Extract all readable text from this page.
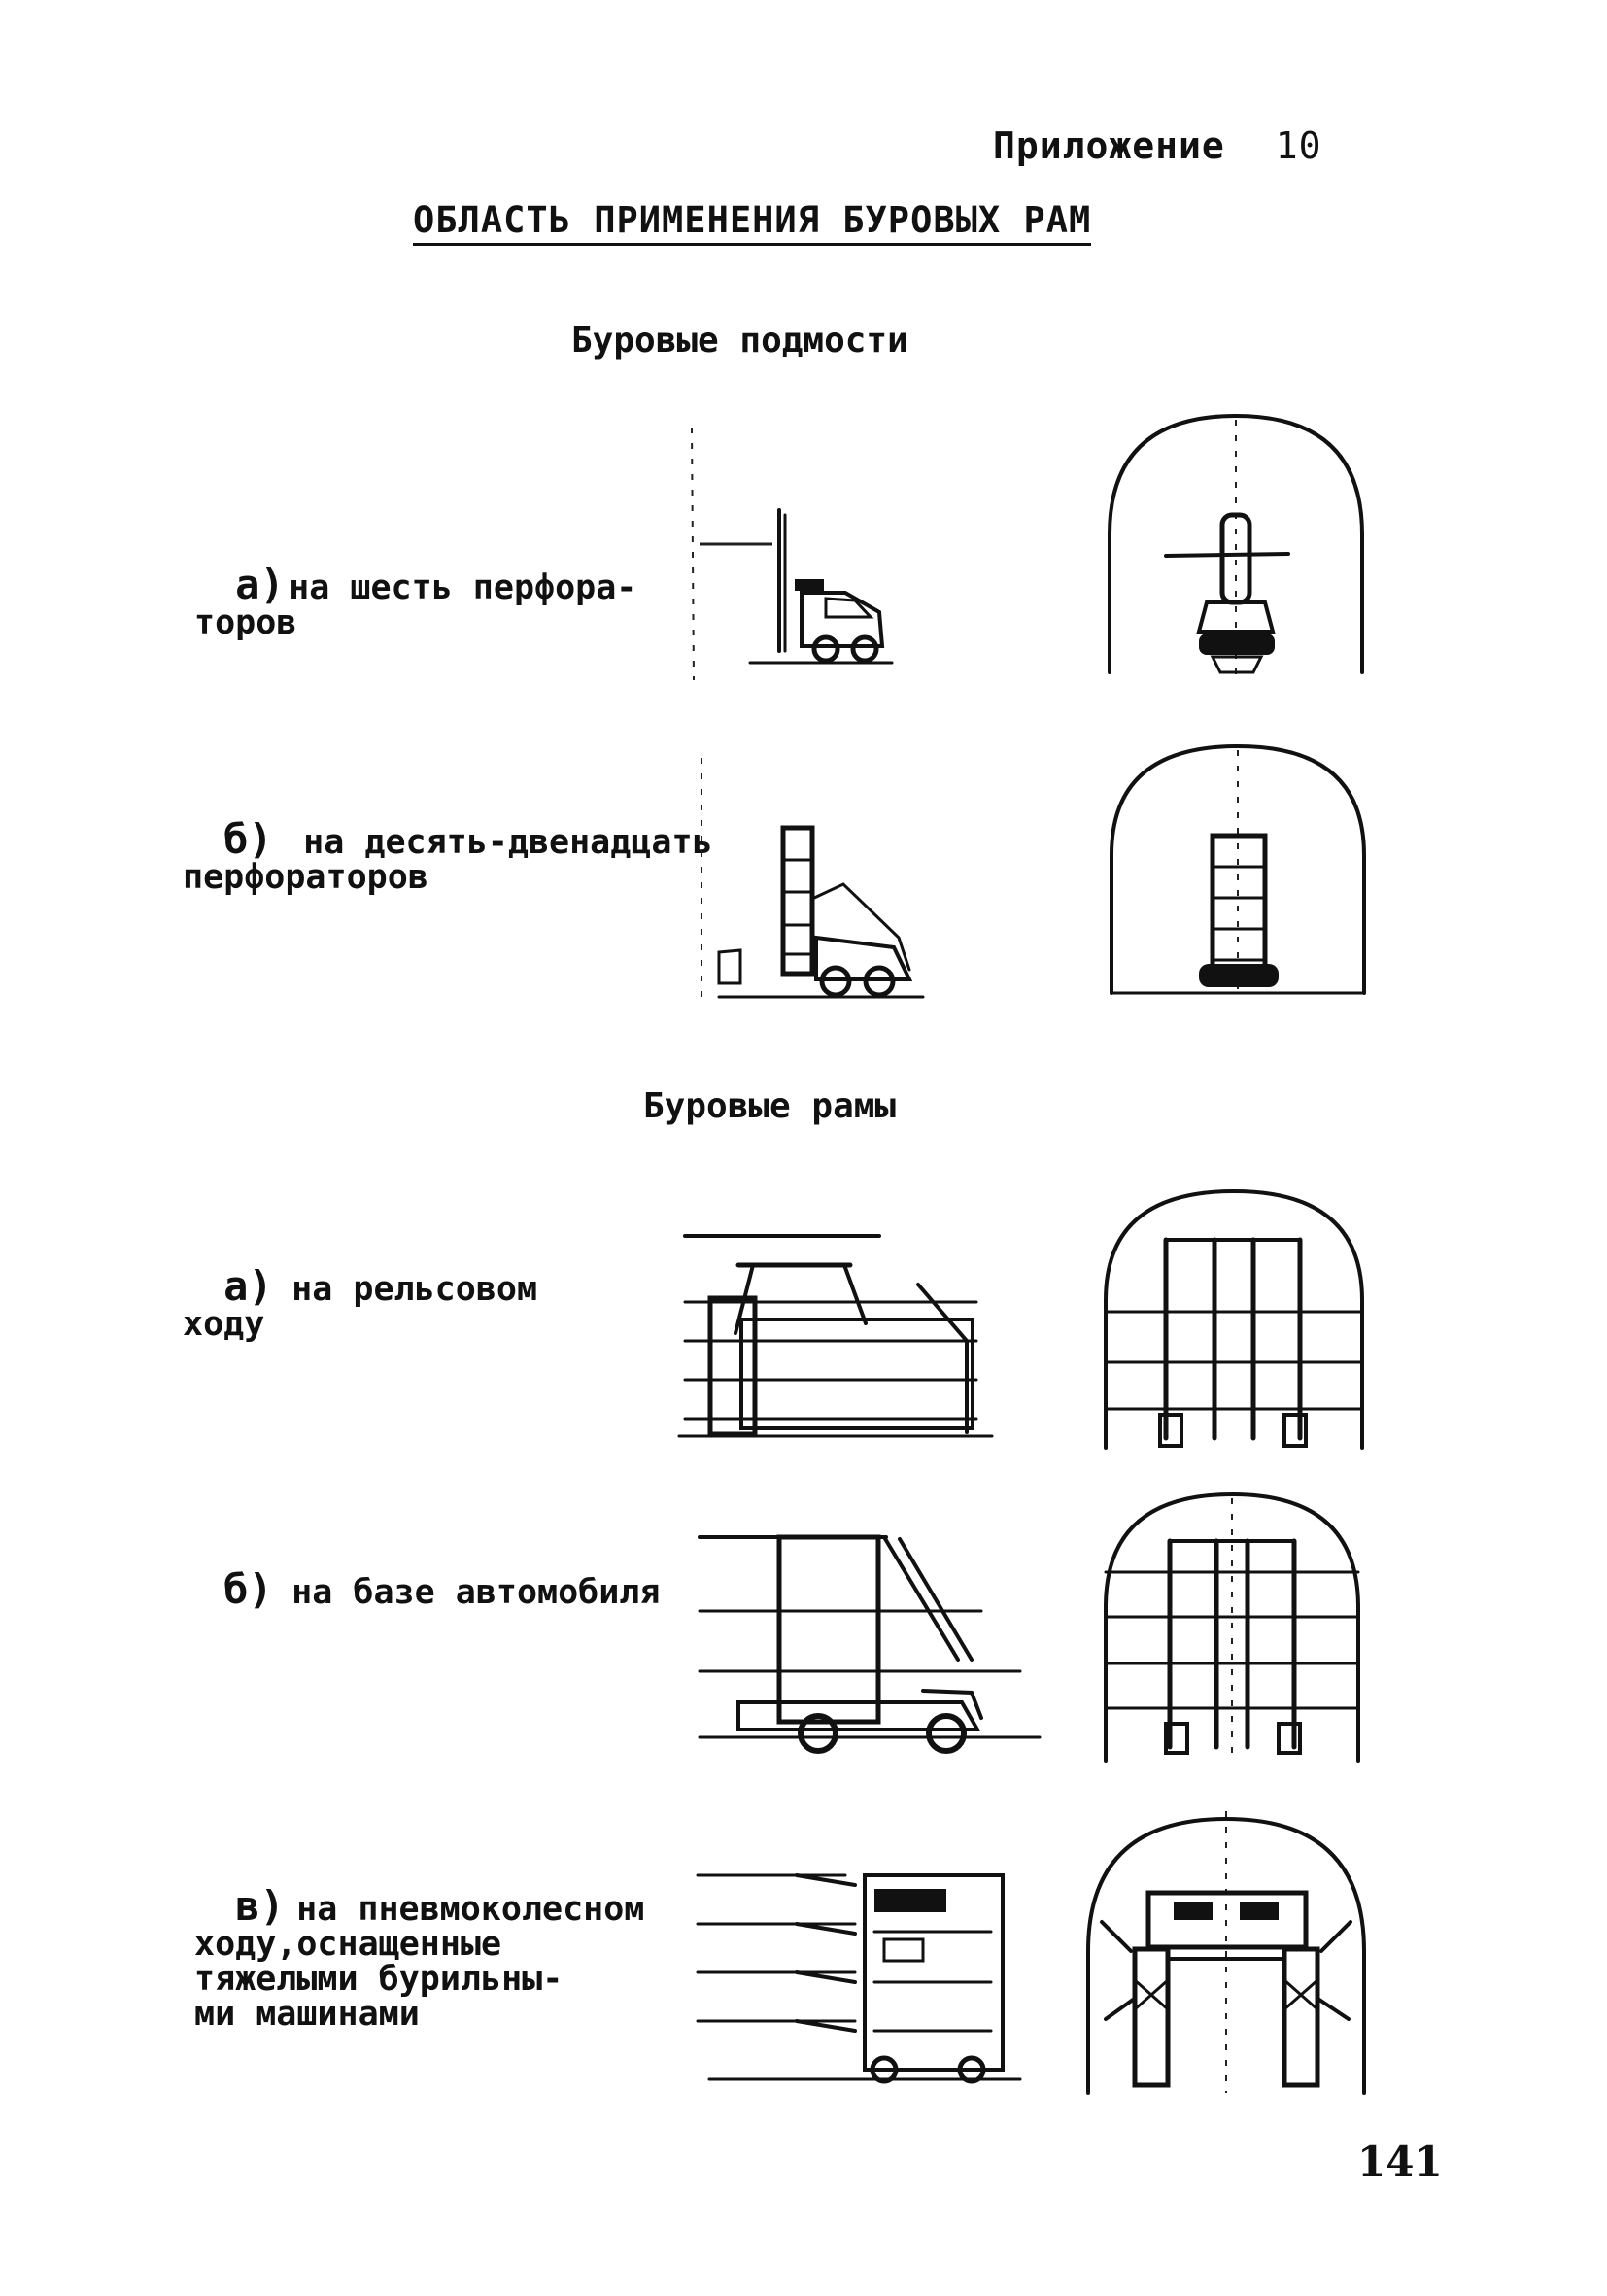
Приложение 10
ОБЛАСТЬ ПРИМЕНЕНИЯ БУРОВЫХ РАМ
Буровые подмости

а) на шесть перфора-
торов

б) на десять-двенадцать
перфораторов

Буровые рамы

а) на рельсовом
ходу

б) на базе автомобиля

в) на пневмоколесном
ходу,оснащенные
тяжелыми бурильны-
ми машинами

141
